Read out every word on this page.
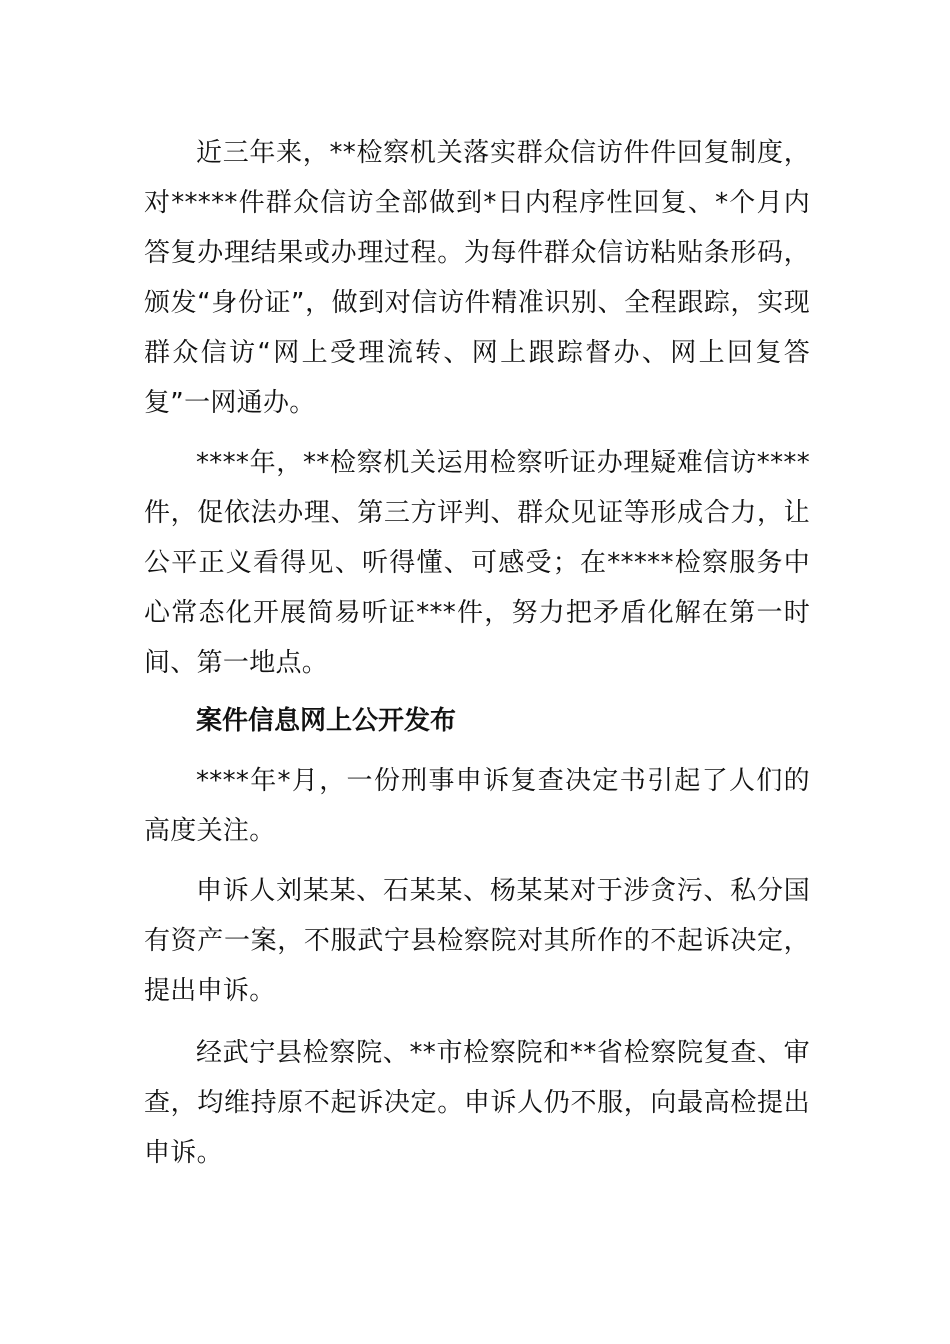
近三年来，**检察机关落实群众信访件件回复制度，对*****件群众信访全部做到*日内程序性回复、*个月内答复办理结果或办理过程。为每件群众信访粘贴条形码，颁发“身份证”，做到对信访件精准识别、全程跟踪，实现群众信访“网上受理流转、网上跟踪督办、网上回复答复”一网通办。

****年，**检察机关运用检察听证办理疑难信访****件，促依法办理、第三方评判、群众见证等形成合力，让公平正义看得见、听得懂、可感受；在*****检察服务中心常态化开展简易听证***件，努力把矛盾化解在第一时间、第一地点。

案件信息网上公开发布

****年*月，一份刑事申诉复查决定书引起了人们的高度关注。

申诉人刘某某、石某某、杨某某对于涉贪污、私分国有资产一案，不服武宁县检察院对其所作的不起诉决定，提出申诉。

经武宁县检察院、**市检察院和**省检察院复查、审查，均维持原不起诉决定。申诉人仍不服，向最高检提出申诉。
